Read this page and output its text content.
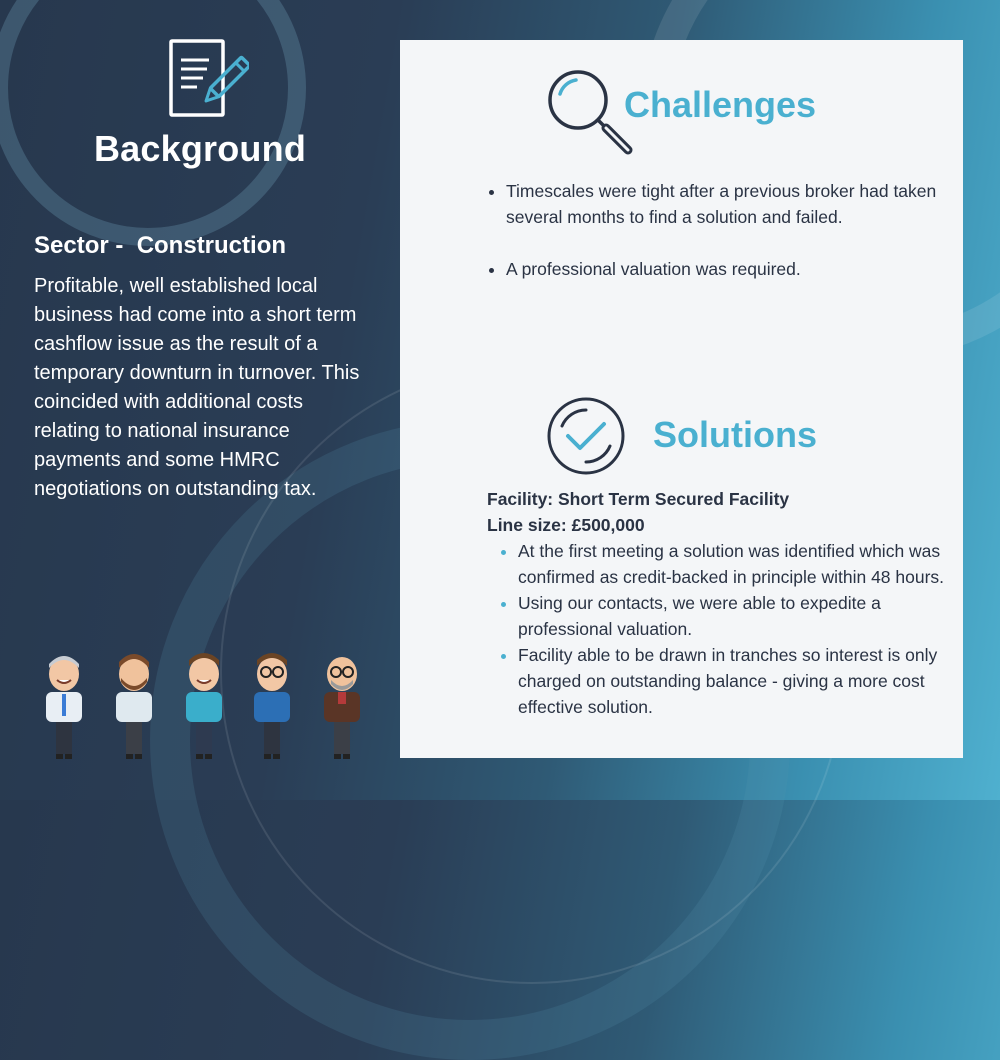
Background
Sector -  Construction
Profitable, well established local business had come into a short term cashflow issue as the result of a temporary downturn in turnover. This coincided with additional costs relating to national insurance payments and some HMRC negotiations on outstanding tax.
Challenges
• Timescales were tight after a previous broker had taken several months to find a solution and failed.
• A professional valuation was required.
Solutions
Facility: Short Term Secured Facility
Line size: £500,000
• At the first meeting a solution was identified which was confirmed as credit-backed in principle within 48 hours.
• Using our contacts, we were able to expedite a professional valuation.
• Facility able to be drawn in tranches so interest is only charged on outstanding balance - giving a more cost effective solution.
